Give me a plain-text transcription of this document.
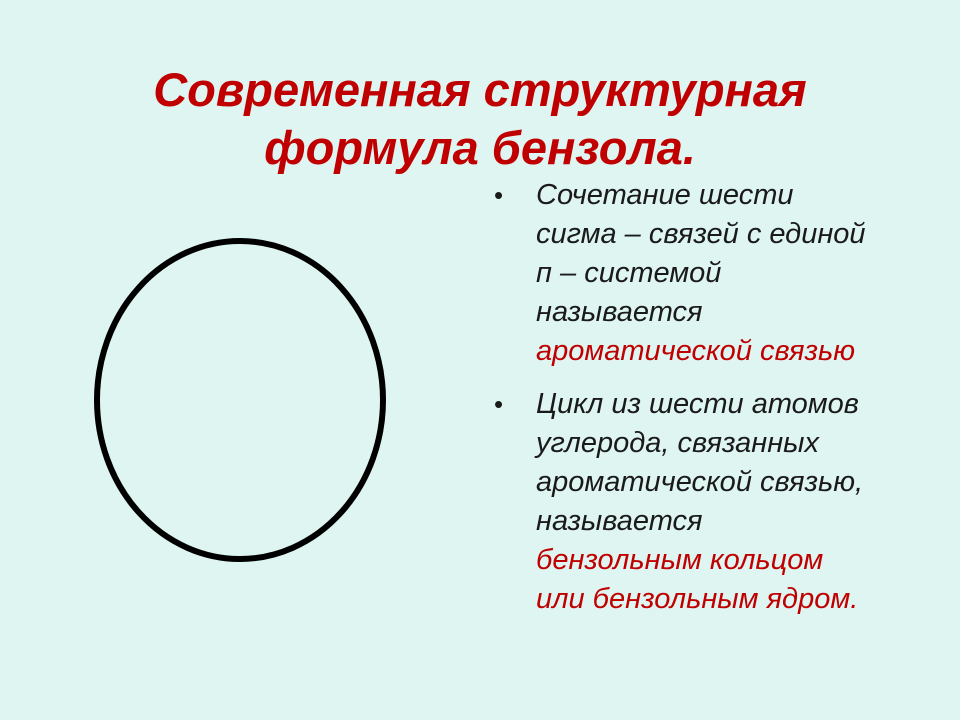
Современная структурная
формула бензола.
• Сочетание шести
сигма – связей с единой
п – системой
называется
ароматической связью
• Цикл из шести атомов
углерода, связанных
ароматической связью,
называется
бензольным кольцом
или бензольным ядром.
